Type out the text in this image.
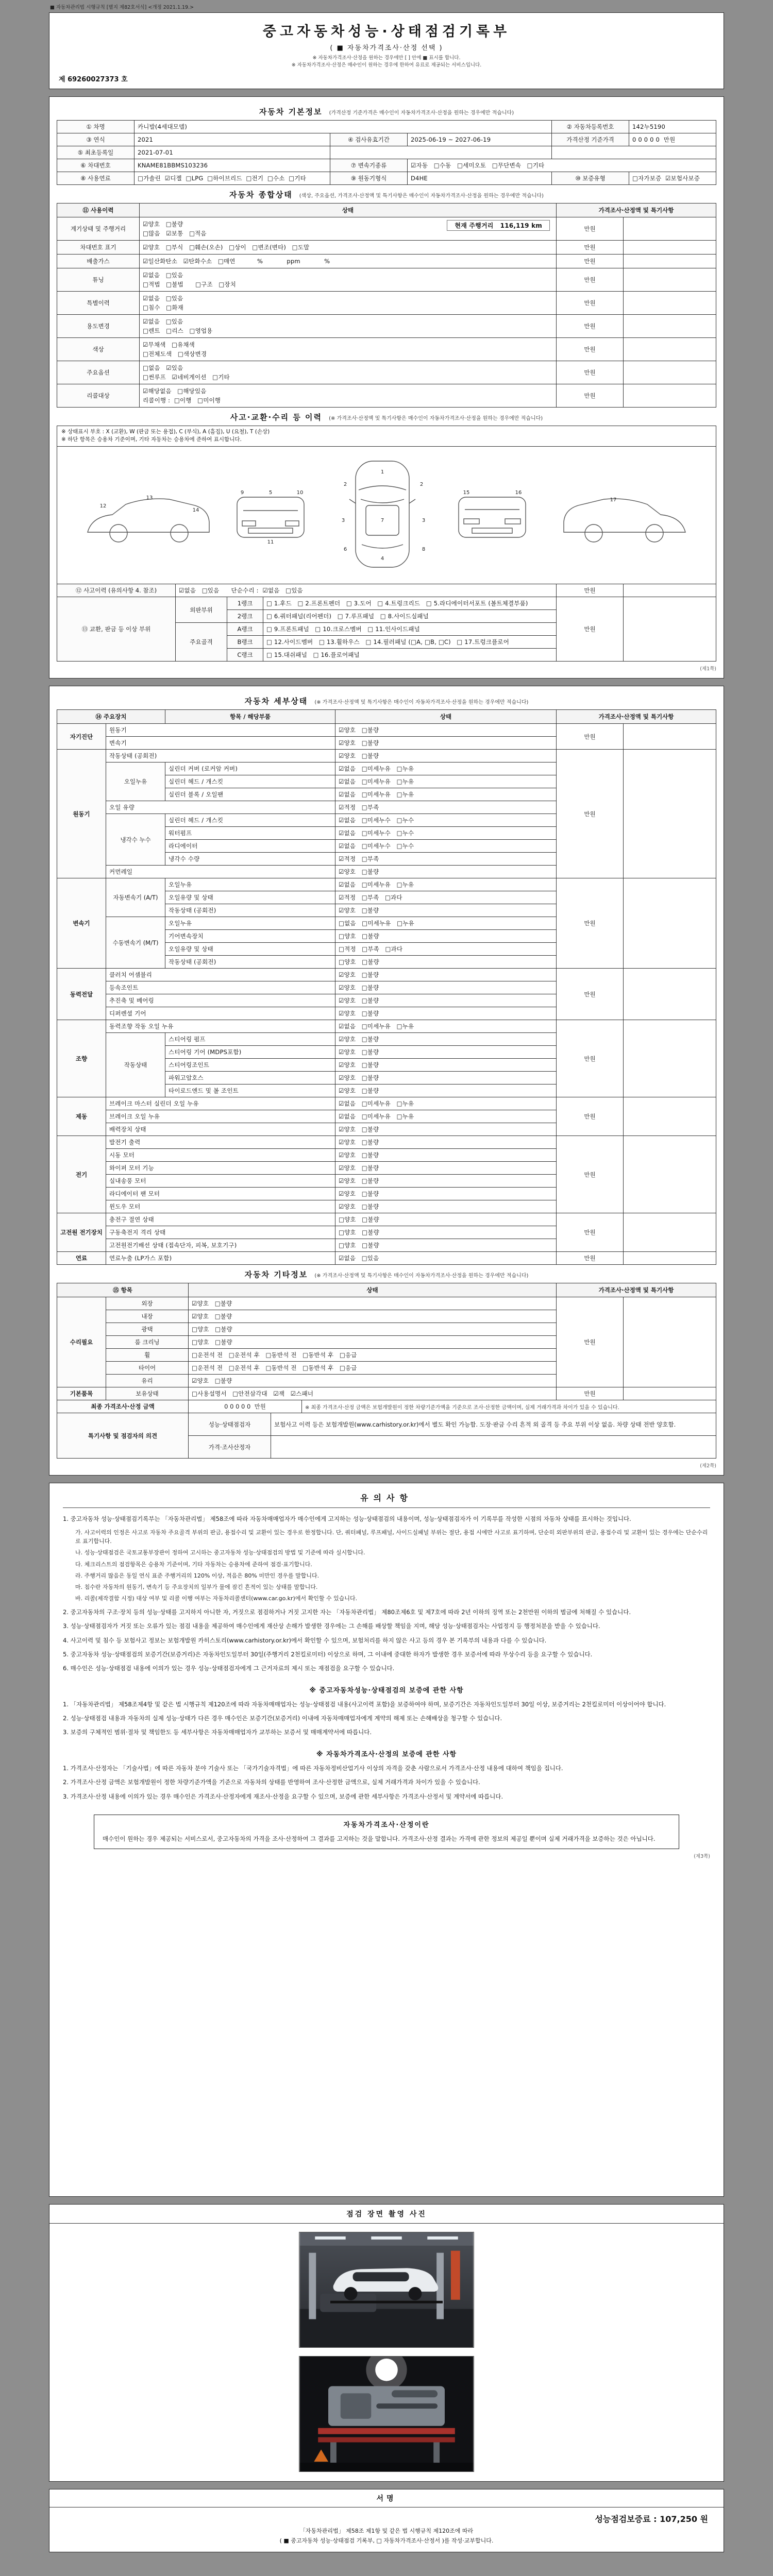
■ 자동차관리법 시행규칙 [별지 제82호서식] <개정 2021.1.19.>
중고자동차성능·상태점검기록부
( ■ 자동차가격조사·산정 선택 )
※ 자동차가격조사·산정을 원하는 경우에만 [ ] 안에 ■ 표시를 합니다.
※ 자동차가격조사·산정은 매수인이 원하는 경우에 한하여 유료로 제공되는 서비스입니다.
제 69260027373 호
자동차 기본정보 (가격산정 기준가격은 매수인이 자동차가격조사·산정을 원하는 경우에만 적습니다)
① 차명	카니발(4세대모델)			② 자동차등록번호	142누5190
③ 연식	2021	④ 검사유효기간	2025-06-19 ~ 2027-06-19	가격산정 기준가격	0 0 0 0 0 만원
⑤ 최초등록일	2021-07-01				
⑥ 차대번호	KNAME81BBMS103236	⑦ 변속기종류	☑자동   □수동   □세미오토   □무단변속   □기타		
⑧ 사용연료	□가솔린  ☑디젤  □LPG  □하이브리드  □전기  □수소  □기타	⑨ 원동기형식	D4HE	⑩ 보증유형	□자가보증  ☑보험사보증
자동차 종합상태 (색상, 주요옵션, 가격조사·산정액 및 특기사항은 매수인이 자동차가격조사·산정을 원하는 경우에만 적습니다)
⑪ 사용이력	상태	가격조사·산정액 및 특기사항	
계기상태 및 주행거리	☑양호   □불량 현재 주행거리   116,119 km
□많음   ☑보통   □적음	만원	
차대번호 표기	☑양호   □부식   □훼손(오손)   □상이   □변조(변타)   □도말	만원	
배출가스	☑일산화탄소   ☑탄화수소   □매연           %            ppm            %	만원	
튜닝	☑없음   □있음
□적법   □불법      □구조   □장치	만원	
특별이력	☑없음   □있음
□침수   □화재	만원	
용도변경	☑없음   □있음
□렌트   □리스   □영업용	만원	
색상	☑무채색   □유채색
□전체도색   □색상변경	만원	
주요옵션	□없음   ☑있음
□썬루프   ☑네비게이션   □기타	만원	
리콜대상	☑해당없음   □해당있음
리콜이행 :  □이행   □미이행	만원	
사고·교환·수리 등 이력 (※ 가격조사·산정액 및 특기사항은 매수인이 자동차가격조사·산정을 원하는 경우에만 적습니다)
※ 상태표시 부호 : X (교환), W (판금 또는 용접), C (부식), A (흠집), U (요철), T (손상)
※ 하단 항목은 승용차 기준이며, 기타 자동차는 승용차에 준하여 표시합니다.
1
2	2
3	3
4
5
6
7
8
9	10
11
12
13
14
15	16
17
⑫ 사고이력 (유의사항 4. 참조)	☑없음   □있음 단순수리 :  ☑없음   □있음			만원	
⑬ 교환, 판금 등 이상 부위	외판부위	1랭크	□ 1.후드   □ 2.프론트펜더   □ 3.도어   □ 4.트렁크리드   □ 5.라디에이터서포트 (볼트체결부품)	만원	
		2랭크	□ 6.쿼터패널(리어펜더)   □ 7.루프패널   □ 8.사이드실패널		
	주요골격	A랭크	□ 9.프론트패널   □ 10.크로스멤버   □ 11.인사이드패널		
		B랭크	□ 12.사이드멤버   □ 13.휠하우스   □ 14.필러패널 (□A, □B, □C)   □ 17.트렁크플로어		
		C랭크	□ 15.대쉬패널   □ 16.플로어패널		
(제1쪽)
자동차 세부상태 (※ 가격조사·산정액 및 특기사항은 매수인이 자동차가격조사·산정을 원하는 경우에만 적습니다)
⑭ 주요장치		항목 / 해당부품	상태	가격조사·산정액 및 특기사항	
자기진단	원동기		☑양호   □불량	만원	
	변속기		☑양호   □불량		
원동기	작동상태 (공회전)		☑양호   □불량	만원	
	오일누유	실린더 커버 (로커암 커버)	☑없음   □미세누유   □누유		
		실린더 헤드 / 개스킷	☑없음   □미세누유   □누유		
		실린더 블록 / 오일팬	☑없음   □미세누유   □누유		
	오일 유량		☑적정   □부족		
	냉각수 누수	실린더 헤드 / 개스킷	☑없음   □미세누수   □누수		
		워터펌프	☑없음   □미세누수   □누수		
		라디에이터	☑없음   □미세누수   □누수		
		냉각수 수량	☑적정   □부족		
	커먼레일		☑양호   □불량		
변속기	자동변속기 (A/T)	오일누유	☑없음   □미세누유   □누유	만원	
		오일유량 및 상태	☑적정   □부족   □과다		
		작동상태 (공회전)	☑양호   □불량		
	수동변속기 (M/T)	오일누유	□없음   □미세누유   □누유		
		기어변속장치	□양호   □불량		
		오일유량 및 상태	□적정   □부족   □과다		
		작동상태 (공회전)	□양호   □불량		
동력전달	클러치 어셈블리		☑양호   □불량	만원	
	등속조인트		☑양호   □불량		
	추진축 및 베어링		☑양호   □불량		
	디퍼렌셜 기어		☑양호   □불량		
조향	동력조향 작동 오일 누유		☑없음   □미세누유   □누유	만원	
	작동상태	스티어링 펌프	☑양호   □불량		
		스티어링 기어 (MDPS포함)	☑양호   □불량		
		스티어링조인트	☑양호   □불량		
		파워고압호스	☑양호   □불량		
		타이로드엔드 및 볼 조인트	☑양호   □불량		
제동	브레이크 마스터 실린더 오일 누유		☑없음   □미세누유   □누유	만원	
	브레이크 오일 누유		☑없음   □미세누유   □누유		
	배력장치 상태		☑양호   □불량		
전기	발전기 출력		☑양호   □불량	만원	
	시동 모터		☑양호   □불량		
	와이퍼 모터 기능		☑양호   □불량		
	실내송풍 모터		☑양호   □불량		
	라디에이터 팬 모터		☑양호   □불량		
	윈도우 모터		☑양호   □불량		
고전원 전기장치	충전구 절연 상태		□양호   □불량	만원	
	구동축전지 격리 상태		□양호   □불량		
	고전원전기배선 상태 (접속단자, 피복, 보호기구)		□양호   □불량		
연료	연료누출 (LP가스 포함)		☑없음   □있음	만원	
자동차 기타정보 (※ 가격조사·산정액 및 특기사항은 매수인이 자동차가격조사·산정을 원하는 경우에만 적습니다)
⑮ 항목		상태	가격조사·산정액 및 특기사항	
수리필요	외장	☑양호   □불량	만원	
	내장	☑양호   □불량		
	광택	□양호   □불량		
	룸 크리닝	□양호   □불량		
	휠	□운전석 전   □운전석 후   □동반석 전   □동반석 후   □응급		
	타이어	□운전석 전   □운전석 후   □동반석 전   □동반석 후   □응급		
	유리	☑양호   □불량		
기본품목	보유상태	□사용설명서   □안전삼각대   ☑잭   ☑스패너	만원	
최종 가격조사·산정 금액	0 0 0 0 0 만원	※ 최종 가격조사·산정 금액은 보험개발원이 정한 차량기준가액을 기준으로 조사·산정한 금액이며, 실제 거래가격과 차이가 있을 수 있습니다.
특기사항 및 점검자의 의견	성능·상태점검자	보험사고 이력 등은 보험개발원(www.carhistory.or.kr)에서 별도 확인 가능함. 도장·판금 수리 흔적 외 골격 등 주요 부위 이상 없음. 차량 상태 전반 양호함.
	가격·조사산정자	
(제2쪽)
유의사항
1. 중고자동차 성능·상태점검기록부는 「자동차관리법」 제58조에 따라 자동차매매업자가 매수인에게 고지하는 성능·상태점검의 내용이며, 성능·상태점검자가 이 기록부를 작성한 시점의 자동차 상태를 표시하는 것입니다.
가. 사고이력의 인정은 사고로 자동차 주요골격 부위의 판금, 용접수리 및 교환이 있는 경우로 한정합니다. 단, 쿼터패널, 루프패널, 사이드실패널 부위는 절단, 용접 시에만 사고로 표기하며, 단순히 외판부위의 판금, 용접수리 및 교환이 있는 경우에는 단순수리로 표기합니다.
나. 성능·상태점검은 국토교통부장관이 정하여 고시하는 중고자동차 성능·상태점검의 방법 및 기준에 따라 실시합니다.
다. 체크리스트의 점검항목은 승용차 기준이며, 기타 자동차는 승용차에 준하여 점검·표기합니다.
라. 주행거리 많음은 동일 연식 표준 주행거리의 120% 이상, 적음은 80% 미만인 경우를 말합니다.
마. 침수란 자동차의 원동기, 변속기 등 주요장치의 일부가 물에 잠긴 흔적이 있는 상태를 말합니다.
바. 리콜(제작결함 시정) 대상 여부 및 리콜 이행 여부는 자동차리콜센터(www.car.go.kr)에서 확인할 수 있습니다.
2. 중고자동차의 구조·장치 등의 성능·상태를 고지하지 아니한 자, 거짓으로 점검하거나 거짓 고지한 자는 「자동차관리법」 제80조제6호 및 제7호에 따라 2년 이하의 징역 또는 2천만원 이하의 벌금에 처해질 수 있습니다.
3. 성능·상태점검자가 거짓 또는 오류가 있는 점검 내용을 제공하여 매수인에게 재산상 손해가 발생한 경우에는 그 손해를 배상할 책임을 지며, 해당 성능·상태점검자는 사업정지 등 행정처분을 받을 수 있습니다.
4. 사고이력 및 침수 등 보험사고 정보는 보험개발원 카히스토리(www.carhistory.or.kr)에서 확인할 수 있으며, 보험처리를 하지 않은 사고 등의 경우 본 기록부의 내용과 다를 수 있습니다.
5. 중고자동차 성능·상태점검의 보증기간(보증거리)은 자동차인도일부터 30일(주행거리 2천킬로미터) 이상으로 하며, 그 이내에 중대한 하자가 발생한 경우 보증서에 따라 무상수리 등을 요구할 수 있습니다.
6. 매수인은 성능·상태점검 내용에 이의가 있는 경우 성능·상태점검자에게 그 근거자료의 제시 또는 재점검을 요구할 수 있습니다.
※ 중고자동차성능·상태점검의 보증에 관한 사항
1. 「자동차관리법」 제58조제4항 및 같은 법 시행규칙 제120조에 따라 자동차매매업자는 성능·상태점검 내용(사고이력 포함)을 보증하여야 하며, 보증기간은 자동차인도일부터 30일 이상, 보증거리는 2천킬로미터 이상이어야 합니다.
2. 성능·상태점검 내용과 자동차의 실제 성능·상태가 다른 경우 매수인은 보증기간(보증거리) 이내에 자동차매매업자에게 계약의 해제 또는 손해배상을 청구할 수 있습니다.
3. 보증의 구체적인 범위·절차 및 책임한도 등 세부사항은 자동차매매업자가 교부하는 보증서 및 매매계약서에 따릅니다.
※ 자동차가격조사·산정의 보증에 관한 사항
1. 가격조사·산정자는 「기술사법」에 따른 자동차 분야 기술사 또는 「국가기술자격법」에 따른 자동차정비산업기사 이상의 자격을 갖춘 사람으로서 가격조사·산정 내용에 대하여 책임을 집니다.
2. 가격조사·산정 금액은 보험개발원이 정한 차량기준가액을 기준으로 자동차의 상태를 반영하여 조사·산정한 금액으로, 실제 거래가격과 차이가 있을 수 있습니다.
3. 가격조사·산정 내용에 이의가 있는 경우 매수인은 가격조사·산정자에게 재조사·산정을 요구할 수 있으며, 보증에 관한 세부사항은 가격조사·산정서 및 계약서에 따릅니다.
자동차가격조사·산정이란
매수인이 원하는 경우 제공되는 서비스로서, 중고자동차의 가격을 조사·산정하여 그 결과를 고지하는 것을 말합니다. 가격조사·산정 결과는 가격에 관한 정보의 제공일 뿐이며 실제 거래가격을 보증하는 것은 아닙니다.
(제3쪽)
점검 장면 촬영 사진
서명
성능점검보증료 : 107,250 원
「자동차관리법」 제58조 제1항 및 같은 법 시행규칙 제120조에 따라
( ■ 중고자동차 성능·상태점검 기록부, □ 자동차가격조사·산정서 )를 작성·교부합니다.
